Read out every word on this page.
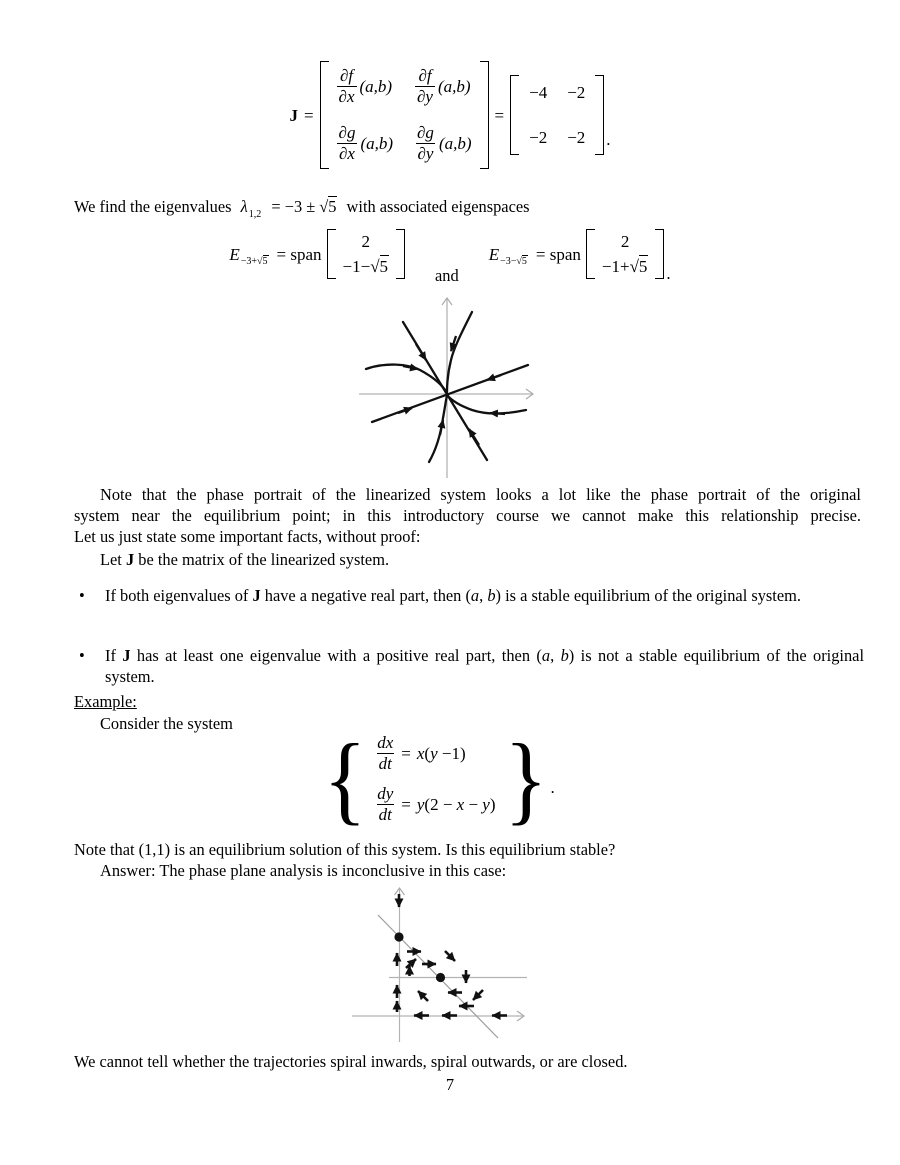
J =
$\frac{\partial f}{\partial x} (a,b) \frac{\partial f}{\partial y} (a,b)$
$\frac{\partial g}{\partial x} (a,b) \frac{\partial g}{\partial y} (a,b)$
=
−4 −2
−2 −2 .
We find the eigenvalues $\lambda_{1,2} = -3 \pm √5$ with associated eigenspaces
E −3+√5 = span
2
−1− √ 5	and
E −3−√5 = span
2
−1+ √ 5 .
Note that the phase portrait of the linearized system looks a lot like the phase portrait of the original
system near the equilibrium point; in this introductory course we cannot make this relationship precise.
Let us just state some important facts, without proof:
Let J be the matrix of the linearized system.
•	If both eigenvalues of J have a negative real part, then (a, b) is a stable equilibrium of the original system.
•	If J has at least one eigenvalue with a positive real part, then (a, b) is not a stable equilibrium of the original system.
Example:
Consider the system { $\frac{dx}{dt} = x(y -1)$
$\frac{dy}{dt} = y(2 - x - y)$ } .
Note that (1,1) is an equilibrium solution of this system. Is this equilibrium stable?
Answer: The phase plane analysis is inconclusive in this case:
We cannot tell whether the trajectories spiral inwards, spiral outwards, or are closed.
7
